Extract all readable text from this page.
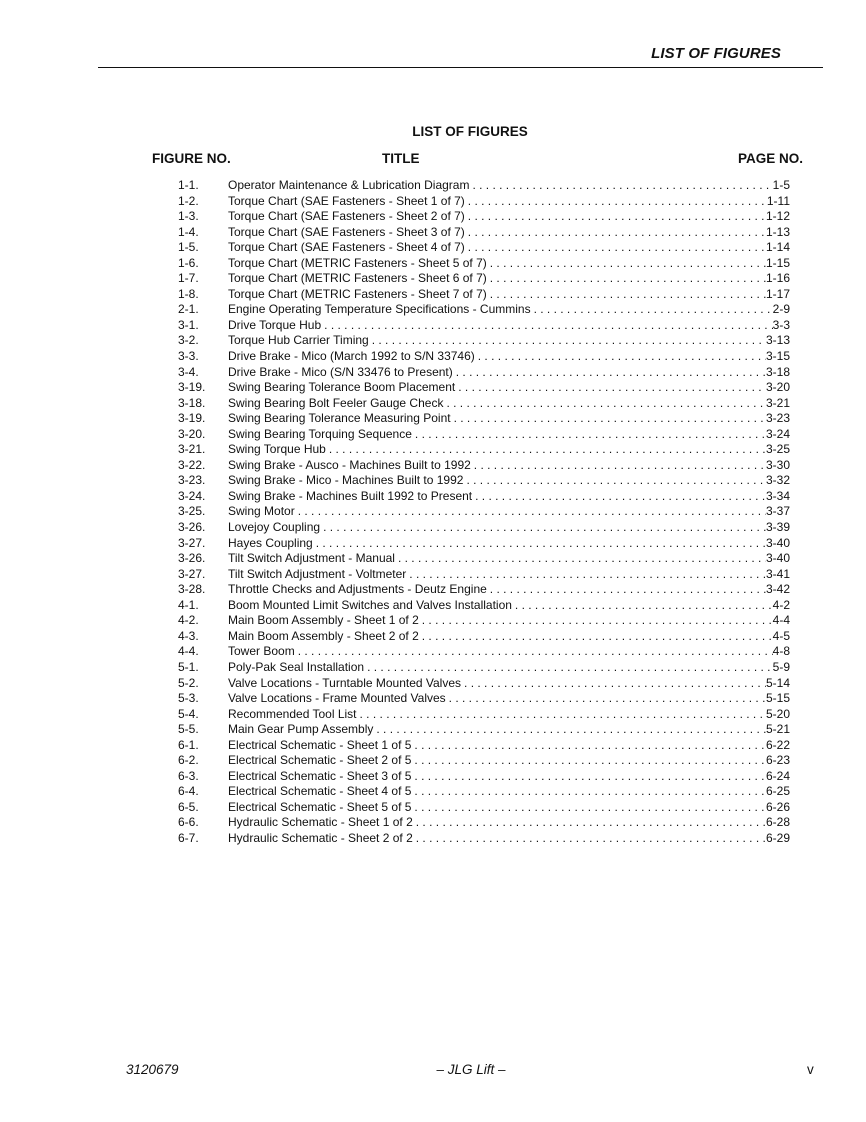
LIST OF FIGURES
LIST OF FIGURES
FIGURE NO.	TITLE	PAGE NO.
1-1. Operator Maintenance & Lubrication Diagram . . .	1-5
1-2. Torque Chart (SAE Fasteners - Sheet 1 of 7) . . .	1-11
1-3. Torque Chart (SAE Fasteners - Sheet 2 of 7) . . .	1-12
1-4. Torque Chart (SAE Fasteners - Sheet 3 of 7) . . .	1-13
1-5. Torque Chart (SAE Fasteners - Sheet 4 of 7) . . .	1-14
1-6. Torque Chart (METRIC Fasteners - Sheet 5 of 7) . . .	1-15
1-7. Torque Chart (METRIC Fasteners - Sheet 6 of 7) . . .	1-16
1-8. Torque Chart (METRIC Fasteners - Sheet 7 of 7) . . .	1-17
2-1. Engine Operating Temperature Specifications - Cummins . . .	2-9
3-1. Drive Torque Hub . . .	3-3
3-2. Torque Hub Carrier Timing . . .	3-13
3-3. Drive Brake - Mico (March 1992 to S/N 33746) . . .	3-15
3-4. Drive Brake - Mico (S/N 33476 to Present) . . .	3-18
3-19. Swing Bearing Tolerance Boom Placement . . .	3-20
3-18. Swing Bearing Bolt Feeler Gauge Check . . .	3-21
3-19. Swing Bearing Tolerance Measuring Point . . .	3-23
3-20. Swing Bearing Torquing Sequence . . .	3-24
3-21. Swing Torque Hub . . .	3-25
3-22. Swing Brake - Ausco - Machines Built to 1992 . . .	3-30
3-23. Swing Brake - Mico - Machines Built to 1992 . . .	3-32
3-24. Swing Brake - Machines Built 1992 to Present . . .	3-34
3-25. Swing Motor . . .	3-37
3-26. Lovejoy Coupling . . .	3-39
3-27. Hayes Coupling . . .	3-40
3-26. Tilt Switch Adjustment - Manual . . .	3-40
3-27. Tilt Switch Adjustment - Voltmeter . . .	3-41
3-28. Throttle Checks and Adjustments - Deutz Engine . . .	3-42
4-1. Boom Mounted Limit Switches and Valves Installation . . .	4-2
4-2. Main Boom Assembly - Sheet 1 of 2 . . .	4-4
4-3. Main Boom Assembly - Sheet 2 of 2 . . .	4-5
4-4. Tower Boom . . .	4-8
5-1. Poly-Pak Seal Installation . . .	5-9
5-2. Valve Locations - Turntable Mounted Valves . . .	5-14
5-3. Valve Locations - Frame Mounted Valves . . .	5-15
5-4. Recommended Tool List . . .	5-20
5-5. Main Gear Pump Assembly . . .	5-21
6-1. Electrical Schematic - Sheet 1 of 5 . . .	6-22
6-2. Electrical Schematic - Sheet 2 of 5 . . .	6-23
6-3. Electrical Schematic - Sheet 3 of 5 . . .	6-24
6-4. Electrical Schematic - Sheet 4 of 5 . . .	6-25
6-5. Electrical Schematic - Sheet 5 of 5 . . .	6-26
6-6. Hydraulic Schematic - Sheet 1 of 2 . . .	6-28
6-7. Hydraulic Schematic - Sheet 2 of 2 . . .	6-29
3120679	– JLG Lift –	v
